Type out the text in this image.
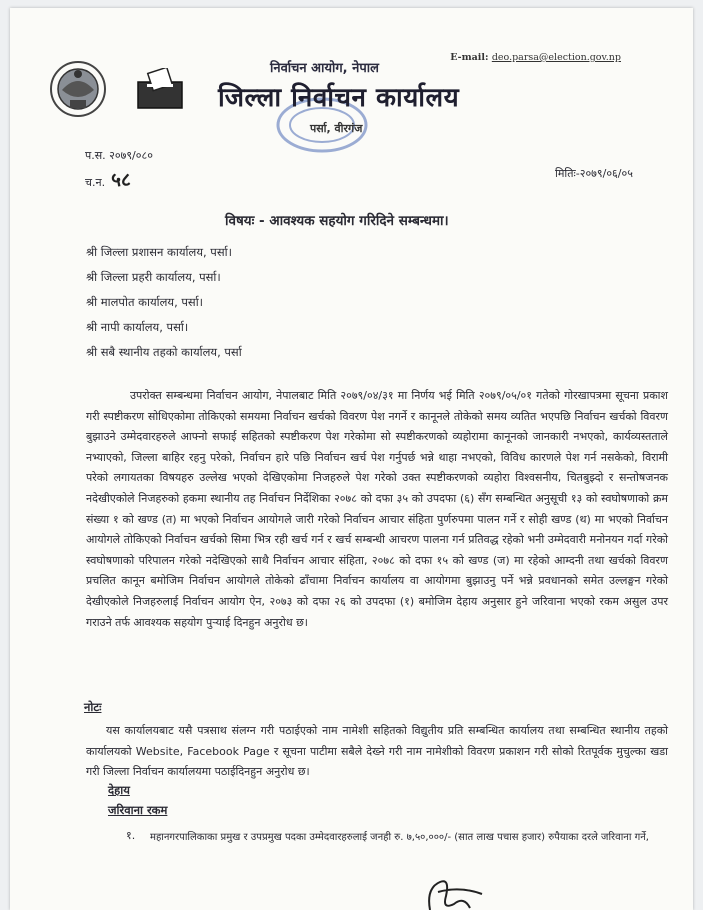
E-mail: deo.parsa@election.gov.np
निर्वाचन आयोग, नेपाल
जिल्ला निर्वाचन कार्यालय
पर्सा, वीरगंज
प.स. २०७९/०८०
च.न. ५८	मितिः-२०७९/०६/०५
विषयः - आवश्यक सहयोग गरिदिने सम्बन्धमा।
श्री जिल्ला प्रशासन कार्यालय, पर्सा।
श्री जिल्ला प्रहरी कार्यालय, पर्सा।
श्री मालपोत कार्यालय, पर्सा।
श्री नापी कार्यालय, पर्सा।
श्री सबै स्थानीय तहको कार्यालय, पर्सा
उपरोक्त सम्बन्धमा निर्वाचन आयोग, नेपालबाट मिति २०७९/०४/३१ मा निर्णय भई मिति २०७९/०५/०१ गतेको गोरखापत्रमा सूचना प्रकाश गरी स्पष्टीकरण सोधिएकोमा तोकिएको समयमा निर्वाचन खर्चको विवरण पेश नगर्ने र कानूनले तोकेको समय व्यतित भएपछि निर्वाचन खर्चको विवरण बुझाउने उम्मेदवारहरुले आफ्नो सफाई सहितको स्पष्टीकरण पेश गरेकोमा सो स्पष्टीकरणको व्यहोरामा कानूनको जानकारी नभएको, कार्यव्यस्तताले नभ्याएको, जिल्ला बाहिर रहनु परेको, निर्वाचन हारे पछि निर्वाचन खर्च पेश गर्नुपर्छ भन्ने थाहा नभएको, विविध कारणले पेश गर्न नसकेको, विरामी परेको लगायतका विषयहरु उल्लेख भएको देखिएकोमा निजहरुले पेश गरेको उक्त स्पष्टीकरणको व्यहोरा विश्वसनीय, चितबुझ्दो र सन्तोषजनक नदेखीएकोले निजहरुको हकमा स्थानीय तह निर्वाचन निर्देशिका २०७८ को दफा ३५ को उपदफा (६) सँग सम्बन्धित अनुसूची १३ को स्वघोषणाको क्रम संख्या १ को खण्ड (त) मा भएको निर्वाचन आयोगले जारी गरेको निर्वाचन आचार संहिता पुर्णरुपमा पालन गर्ने र सोही खण्ड (थ) मा भएको निर्वाचन आयोगले तोकिएको निर्वाचन खर्चको सिमा भित्र रही खर्च गर्न र खर्च सम्बन्धी आचरण पालना गर्न प्रतिवद्ध रहेको भनी उम्मेदवारी मनोनयन गर्दा गरेको स्वघोषणाको परिपालन गरेको नदेखिएको साथै निर्वाचन आचार संहिता, २०७८ को दफा १५ को खण्ड (ज) मा रहेको आम्दनी तथा खर्चको विवरण प्रचलित कानून बमोजिम निर्वाचन आयोगले तोकेको ढाँचामा निर्वाचन कार्यालय वा आयोगमा बुझाउनु पर्ने भन्ने प्रवधानको समेत उल्लङ्घन गरेको देखीएकोले निजहरुलाई निर्वाचन आयोग ऐन, २०७३ को दफा २६ को उपदफा (१) बमोजिम देहाय अनुसार हुने जरिवाना भएको रकम असुल उपर गराउने तर्फ आवश्यक सहयोग पुऱ्याई दिनहुन अनुरोध छ।
नोटः
यस कार्यालयबाट यसै पत्रसाथ संलग्न गरी पठाईएको नाम नामेशी सहितको विद्युतीय प्रति सम्बन्धित कार्यालय तथा सम्बन्धित स्थानीय तहको कार्यालयको Website, Facebook Page र सूचना पाटीमा सबैले देख्ने गरी नाम नामेशीको विवरण प्रकाशन गरी सोको रितपूर्वक मुचुल्का खडा गरी जिल्ला निर्वाचन कार्यालयमा पठाईदिनहुन अनुरोध छ।
देहाय
जरिवाना रकम
१. महानगरपालिकाका प्रमुख र उपप्रमुख पदका उम्मेदवारहरुलाई जनही रु. ७,५०,०००/- (सात लाख पचास हजार) रुपैयाका दरले जरिवाना गर्ने,
